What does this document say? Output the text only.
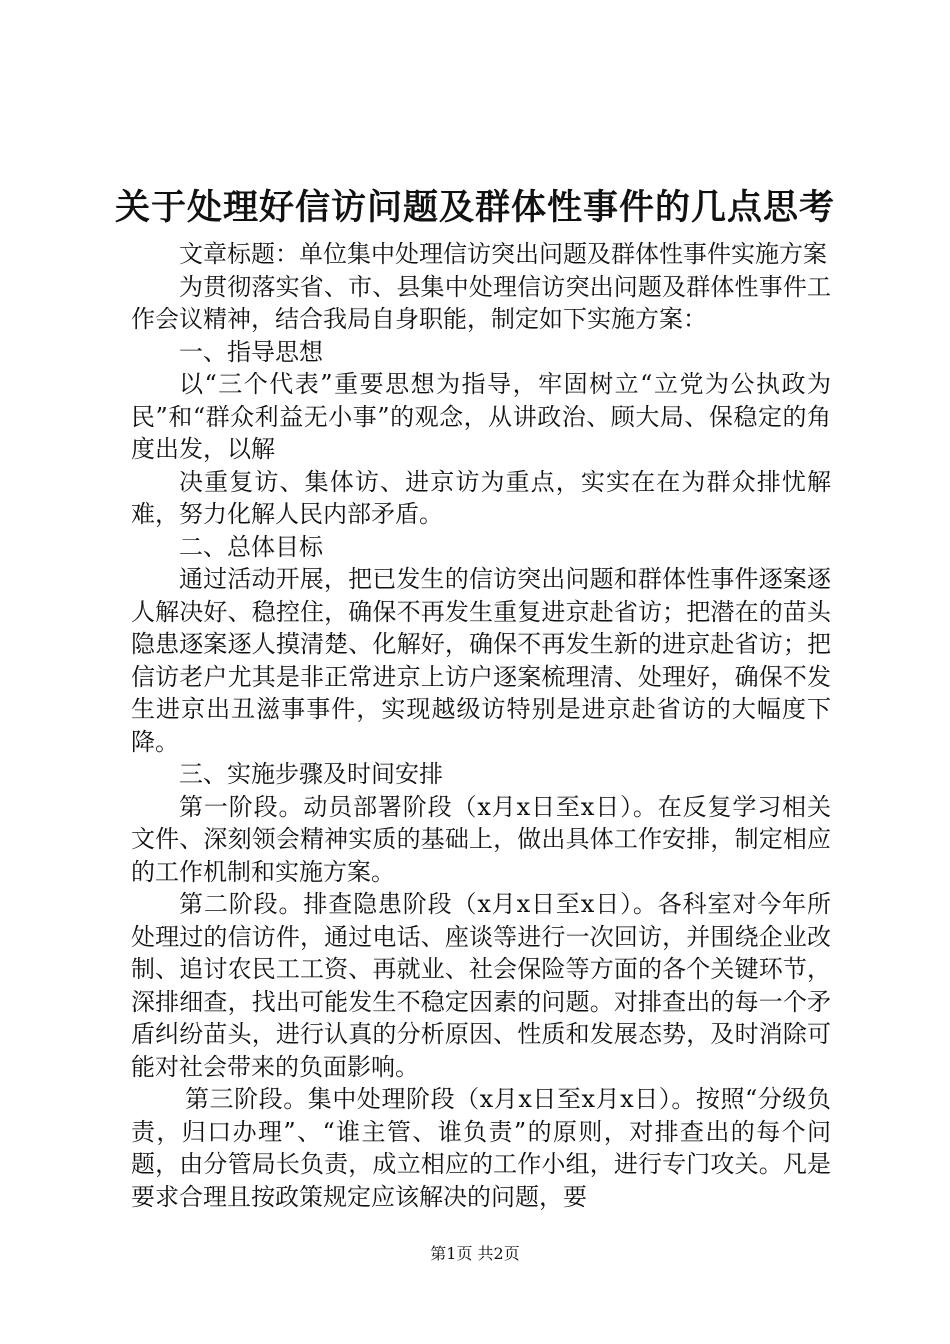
关于处理好信访问题及群体性事件的几点思考

文章标题：单位集中处理信访突出问题及群体性事件实施方案

为贯彻落实省、市、县集中处理信访突出问题及群体性事件工作会议精神，结合我局自身职能，制定如下实施方案：

一、指导思想

以“三个代表”重要思想为指导，牢固树立“立党为公执政为民”和“群众利益无小事”的观念，从讲政治、顾大局、保稳定的角度出发，以解

决重复访、集体访、进京访为重点，实实在在为群众排忧解难，努力化解人民内部矛盾。

二、总体目标

通过活动开展，把已发生的信访突出问题和群体性事件逐案逐人解决好、稳控住，确保不再发生重复进京赴省访；把潜在的苗头隐患逐案逐人摸清楚、化解好，确保不再发生新的进京赴省访；把信访老户尤其是非正常进京上访户逐案梳理清、处理好，确保不发生进京出丑滋事事件，实现越级访特别是进京赴省访的大幅度下降。

三、实施步骤及时间安排

第一阶段。动员部署阶段（x月x日至x日）。在反复学习相关文件、深刻领会精神实质的基础上，做出具体工作安排，制定相应的工作机制和实施方案。

第二阶段。排查隐患阶段（x月x日至x日）。各科室对今年所处理过的信访件，通过电话、座谈等进行一次回访，并围绕企业改制、追讨农民工工资、再就业、社会保险等方面的各个关键环节，深排细查，找出可能发生不稳定因素的问题。对排查出的每一个矛盾纠纷苗头，进行认真的分析原因、性质和发展态势，及时消除可能对社会带来的负面影响。

第三阶段。集中处理阶段（x月x日至x月x日）。按照“分级负责，归口办理”、“谁主管、谁负责”的原则，对排查出的每个问题，由分管局长负责，成立相应的工作小组，进行专门攻关。凡是要求合理且按政策规定应该解决的问题，要

第1页 共2页
